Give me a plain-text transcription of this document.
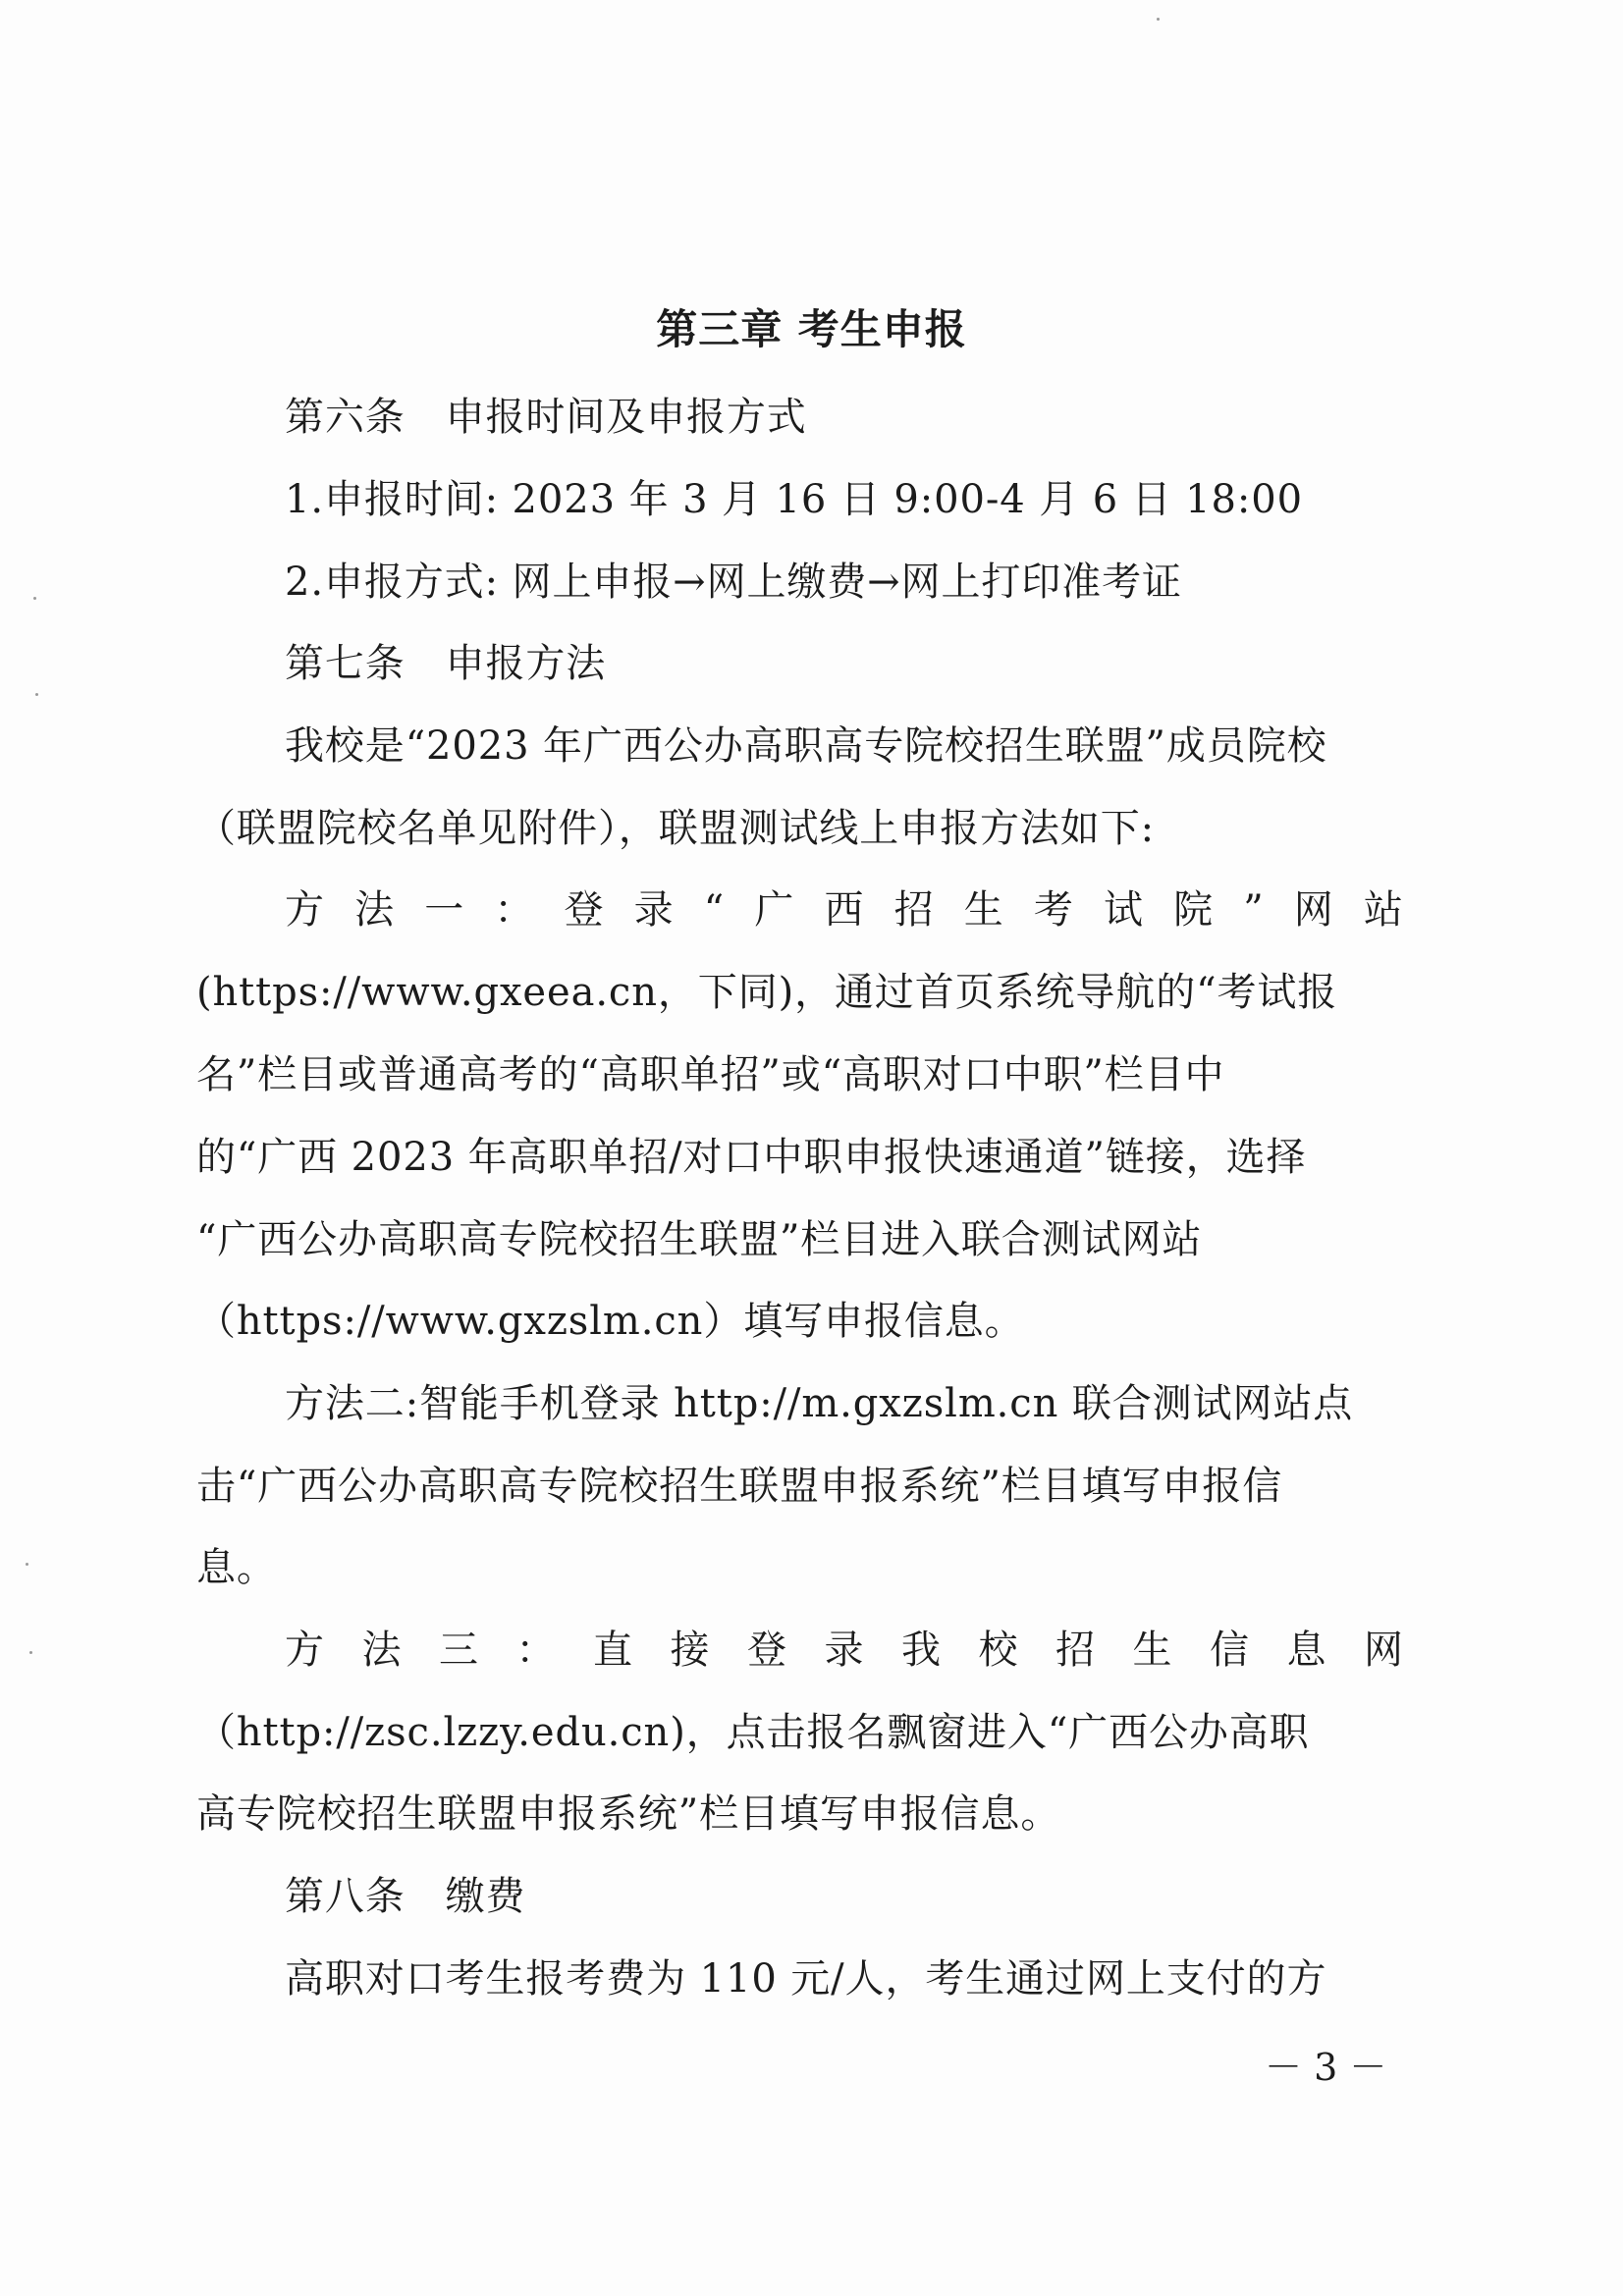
第三章 考生申报
第六条　申报时间及申报方式
1.申报时间: 2023 年 3 月 16 日 9:00-4 月 6 日 18:00
2.申报方式: 网上申报→网上缴费→网上打印准考证
第七条　申报方法
我校是“2023 年广西公办高职高专院校招生联盟”成员院校
（联盟院校名单见附件），联盟测试线上申报方法如下:
方 法 一 ： 登 录 “ 广 西 招 生 考 试 院 ” 网 站
(https://www.gxeea.cn，下同)，通过首页系统导航的“考试报
名”栏目或普通高考的“高职单招”或“高职对口中职”栏目中
的“广西 2023 年高职单招/对口中职申报快速通道”链接，选择
“广西公办高职高专院校招生联盟”栏目进入联合测试网站
（https://www.gxzslm.cn）填写申报信息。
方法二:智能手机登录 http://m.gxzslm.cn 联合测试网站点
击“广西公办高职高专院校招生联盟申报系统”栏目填写申报信
息。
方 法 三 ： 直 接 登 录 我 校 招 生 信 息 网
（http://zsc.lzzy.edu.cn)，点击报名飘窗进入“广西公办高职
高专院校招生联盟申报系统”栏目填写申报信息。
第八条　缴费
高职对口考生报考费为 110 元/人，考生通过网上支付的方
－ 3 －
